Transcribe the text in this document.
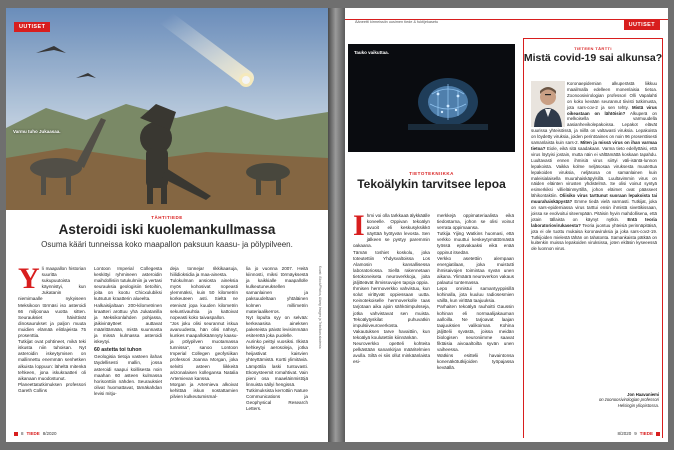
UUTISET
Varmu tuho Jukaasaa.
TÄHTITIEDE
Asteroidi iski kuolemankullmassa
Osuma kääri tunneissa koko maapallon paksuun kaasu- ja pölypilveen.
Y li maapallon historian suuritta sukupuutoista käynnistyi, kun Jukatanin niemimaalle nykyiseen Meksikoon törmäsi iso asteroidi 66 miljoonaa vuotta sitten. Seurauksiet häivittivät dinosaurukset ja paljon muuta muidien elämää eliölajeista 75 prosenttia.

Tutkijat ovat pohtineet, mikä teki iskusta niin tuhoisan. Nyt asteroidin iskeytymisen on mallinnettu enemmän senhetken alkuista loppuun: läheltä mitenkä tehkeen, jona iskukraatteri oli aikanaan muodostunut.

Planeettatutkimuksen professori Gareth Collins

Lontoon Imperial Collegesta keskittyi ryhmineen asteroidin maihdollisiin tutukulmiin ja vertasi seurauksia geologisiin tietoihin, joita on kootu Chicxulubiksi kutsutun kraatterin alueelta.

Halkaisijaltaan 200-kilometrinen kraatteri arottuu yhä Jukatanilla ja Meksikonlahden pohjassa, jäikivinäytteet auttavat määrittämään, mistä suunnasta ja missä kulmassa asteroidi iskeytyi.

60 astetta toi tuhon

Geologisia tietoja vasteen ilahas täydellisesti mallin, jossa asteroidi saapui koillisesta noin maahan 60 asteen kulmassa horisonttiin nähden. Seurauksiet olivat huomattavat, tämäkahdan levisi mitju-

deja tonnejar rikkikaasuja, hiilidioksidia ja maa-ainesta.

Tulokulman ansiosta aineksia myös kohosivat nopeasti ylemmäksi, kuin 50 kilometrin korkeuteen asti. Sieltä ne etenivät jopa kuuden kilometrin sekuntivauhtia ja kattoivat nopeasti koko taivaspallon.

"Jos joku olisi seurannut iskua avaruudesta, hän olisi nähnyt, kunkes maapallokäännyty kaasu- ja pölypilven muotamassa tunnissa", sanoo Lontoon Imperial Collegen geofysiikan professori Joanna Morgan, joka selvitti asteen liikkeitä arizonalaisen kollegansa Natalia Artemievan kanssa.

Morgan ja Artemieva alkoivat kehittää iskun nostattamien pilvien kulkeutumismal-

lia jo vuonna 2007. Heitä kiinnosti, miksi törmäyksestä ja kaikkialle maapallolle kulkeutuneuksellen samanlainen ja paksuudeltaan yhtäläinen kolmen millimetrin materiaalikerros.

Nyt lopulta syy on selvää: kerkeaasisa aineksen paketeista päivät levisimmään esiterettä joka puolelle.

Aurinko peittyi vuosiksi. Ilkistä kehkeytyi aerosoleja, jotka heijastivat kaisvien yhteyttämistä. Kortti ylimitäviä. Lämpötila laski tuntuvasti. Ekosysteemit romahtivat. Vain pieni osa maaeläinmistöjä linnuista säilyi hengissä.

Tutkimuksista kerrottiin Nature Communications ja Geophysical Research Letters.

Kuvat: iStock/Photos, Alamy Images ja Tekniikan akatemia
8 TIEDE 8/2020
Ääneetti kirmeissiin uusimen tiede & fuktijekasetu	UUTISET
Tauko vaikuttaa.
TIETOTEKNIIKKA
Tekoälykin tarvitsee lepoa
I hmi voi olla tarkkaaä älykkäälle koneelle. Oppivan tekoälyn avuoit eli keskusyksikkö näyttää hyötyvän levosta. Sen jälkeen se pystyy paremmin oakaana.

Tämän toshiet koskolu, joka toteutettiin Yhdysvaltoissa Los Alamosin kansallisessa laboratoriossa. Siellä rakennetaan tietokoneiseta neuroverkkoja, joita jäljitteävät ihmissuvujen tapoja oppia.

Ihmisen hermoverkko vahvistuu, kun solut virittyvät oppiessaan uutta. Keinotekoiselle hermoverkolle taas tarjotaan aika ajoin sähköimpulsseja, jotka vahvistavat sen muista. Tekoälytyskilat puhuvatkin impulsiiveuroverkosta.

Vakautuksen tarve havaittiin, kun tekoälyä koulutettiin kiinnänkän.

Neuroverkko opetteli kohteita pelkästään sanankirjan määritelmien avulla. Siltä ei siis ollut minkäänlaista esi-

merkkejä oppimateriaalista eikä tiedostarna, johon se olisi voinut verrata oppimaansa.

Tutkija Yijing Watkins huomasi, että verkko muuttui keskeytymättömästä työssä epävakaaksi eikä enää oppinut itsedän.

Verkko asetettiin alempaan energiatilaan, joka muistutti ihmisaivojen toimintaa syvän unen aikana. Ylimäärä neuroverkon vakaus palautui tuntemassa.

Lepo onnistui samantyyppisillä kohinalla, jota kuuluu radiosesmien väillä, kun virittää taajuuksia.

Parhaiten tekoälyä rauhoitti Gaussin kohinan eli normaalijakauman aalloilla. Ne tarjoavat laajan taajuuksien valikoiman. Kohina jäljittelii syvästä, joissa meidän biologisen neuroniimme saavat fiktäisia aivoaaltoilta syvän unen vaiheessa.

Watkins esittelii havaintonsa konenäkötutkijoiden työpajassa keväällä.

TIETEEN TÄRTTI
Mistä covid-19 sai alkunsa?
Koronaepidemian alkuperästä liikkuu maailmalla edelleen monenlaisia tietoa. Zoonoosivirologian professori Olli Vapalahti on koko kevään seurannut tiivisti tutkimusta, jota sars-cov-2 ja sen tehty. Mistä virus oikeastaan on lähtöisin? Alkuperä on melkoisella varmuudella aasianhevikolepakoissa. Lepakot elävät suurissa yhteisöissä, ja niillä on valtavasti viruksia. Lepakoista on löydetty viruksia, joiden perintöaines on noin 96 prosenttisesti samanlaista kuin sars-2. Miten ja missä virus on ihan varmaa tietoa? Eiole, eikä sitä saadakaan. Varma tieto edellyttäisi, että virus löytyisi jostain, mutta näin ei välttämättä koskaan tapahdu. Luultavasti ennen ihmisiä virus siirtyi väli-isäntä-lunnon lepakoista. Vaikka kolme neljäsosaa viruksesta muutettua lepakoiden viruksia, neljäsosa on samanlainen kuin maleisialaisella muurahaiskäpylsillä. Luultavimmin virus on näiden eläinten virusten yhdistelmä. Se olisi voinut syntyä esimerkiksi villieläinmyrtillä, johon eläimet ovat päässeet lähikontaktiin. Oliisiko virus tarttunut suoraan lepakoista tai muurahaiskäpystä? Emme tiedä vielä varmasti. Tutkijat, joka on sars-epidemiassa virus tarttui ensin ihmistä sivettikissaan, joissa se evolvoitui siteempään. Pitäisin hyvin mahdollisena, että jotain tällaista on käynyt nytkin. Entä teoria laboratoriovirukasesta? Teoria juontuu yhteisiä perinnäpitäisä, jota ei ole tuottu mukaisa koronaviruksia ja joka sars-cov2-19. Tutkijoiden mielestä tähän on tahatonta. Samankaista pätkää on kuitenkin muissa lepakoiden viruksissa, joten ekläsin kyseeessä ole luonnon virus.
Jon Haavaniemi
on zoonoosivirologian professori Helsingin yliopistossa.
8/2020 9 TIEDE
